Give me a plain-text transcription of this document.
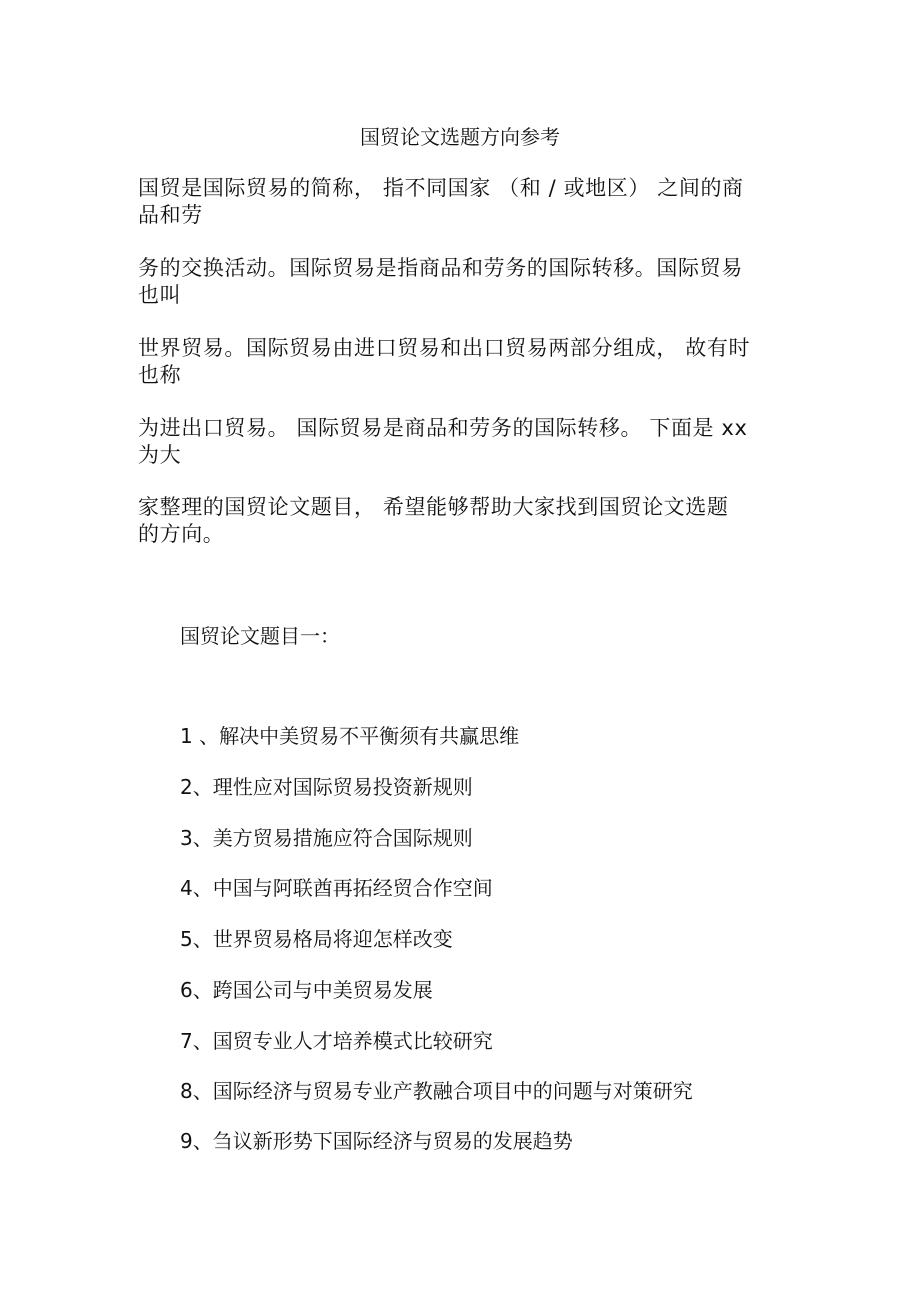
国贸论文选题方向参考
国贸是国际贸易的简称， 指不同国家 （和 / 或地区） 之间的商
品和劳
务的交换活动。国际贸易是指商品和劳务的国际转移。国际贸易
也叫
世界贸易。国际贸易由进口贸易和出口贸易两部分组成， 故有时
也称
为进出口贸易。 国际贸易是商品和劳务的国际转移。 下面是 xx
为大
家整理的国贸论文题目， 希望能够帮助大家找到国贸论文选题
的方向。
国贸论文题目一：
1 、解决中美贸易不平衡须有共赢思维
2、理性应对国际贸易投资新规则
3、美方贸易措施应符合国际规则
4、中国与阿联酋再拓经贸合作空间
5、世界贸易格局将迎怎样改变
6、跨国公司与中美贸易发展
7、国贸专业人才培养模式比较研究
8、国际经济与贸易专业产教融合项目中的问题与对策研究
9、刍议新形势下国际经济与贸易的发展趋势
